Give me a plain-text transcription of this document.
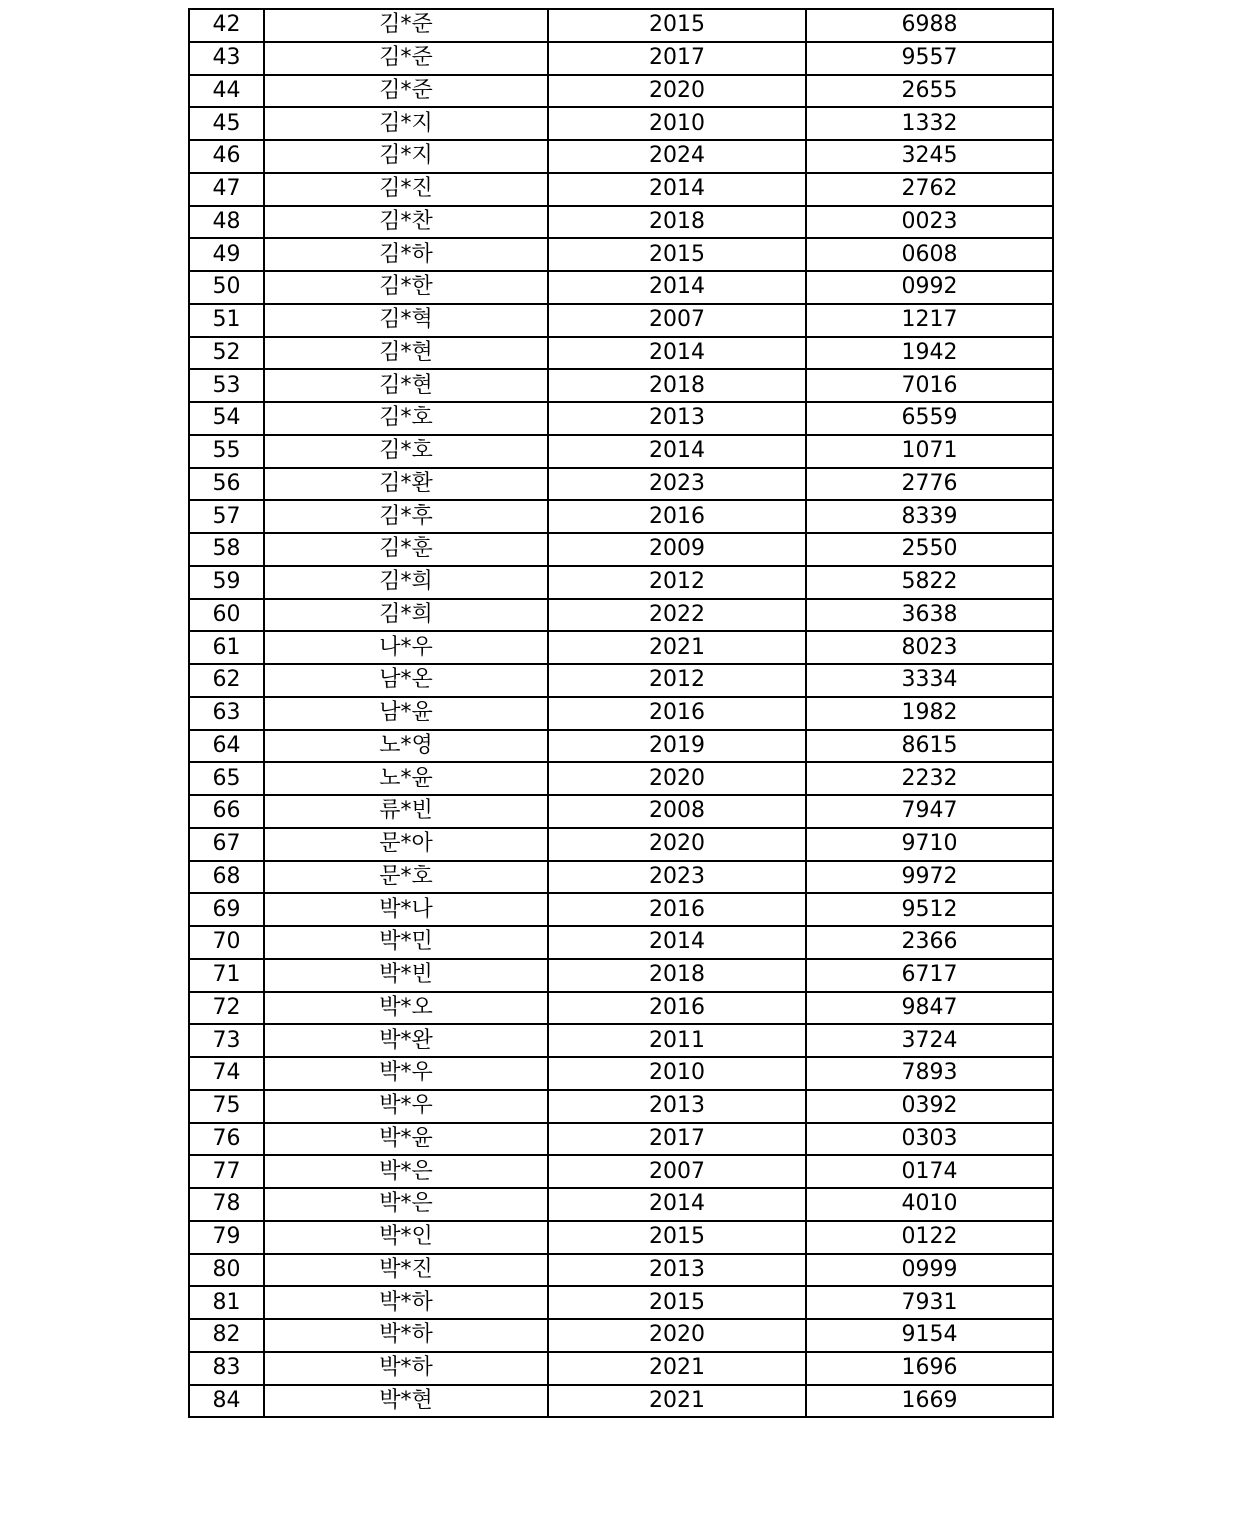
42	김*준	2015	6988
43	김*준	2017	9557
44	김*준	2020	2655
45	김*지	2010	1332
46	김*지	2024	3245
47	김*진	2014	2762
48	김*찬	2018	0023
49	김*하	2015	0608
50	김*한	2014	0992
51	김*혁	2007	1217
52	김*현	2014	1942
53	김*현	2018	7016
54	김*호	2013	6559
55	김*호	2014	1071
56	김*환	2023	2776
57	김*후	2016	8339
58	김*훈	2009	2550
59	김*희	2012	5822
60	김*희	2022	3638
61	나*우	2021	8023
62	남*온	2012	3334
63	남*윤	2016	1982
64	노*영	2019	8615
65	노*윤	2020	2232
66	류*빈	2008	7947
67	문*아	2020	9710
68	문*호	2023	9972
69	박*나	2016	9512
70	박*민	2014	2366
71	박*빈	2018	6717
72	박*오	2016	9847
73	박*완	2011	3724
74	박*우	2010	7893
75	박*우	2013	0392
76	박*윤	2017	0303
77	박*은	2007	0174
78	박*은	2014	4010
79	박*인	2015	0122
80	박*진	2013	0999
81	박*하	2015	7931
82	박*하	2020	9154
83	박*하	2021	1696
84	박*현	2021	1669
